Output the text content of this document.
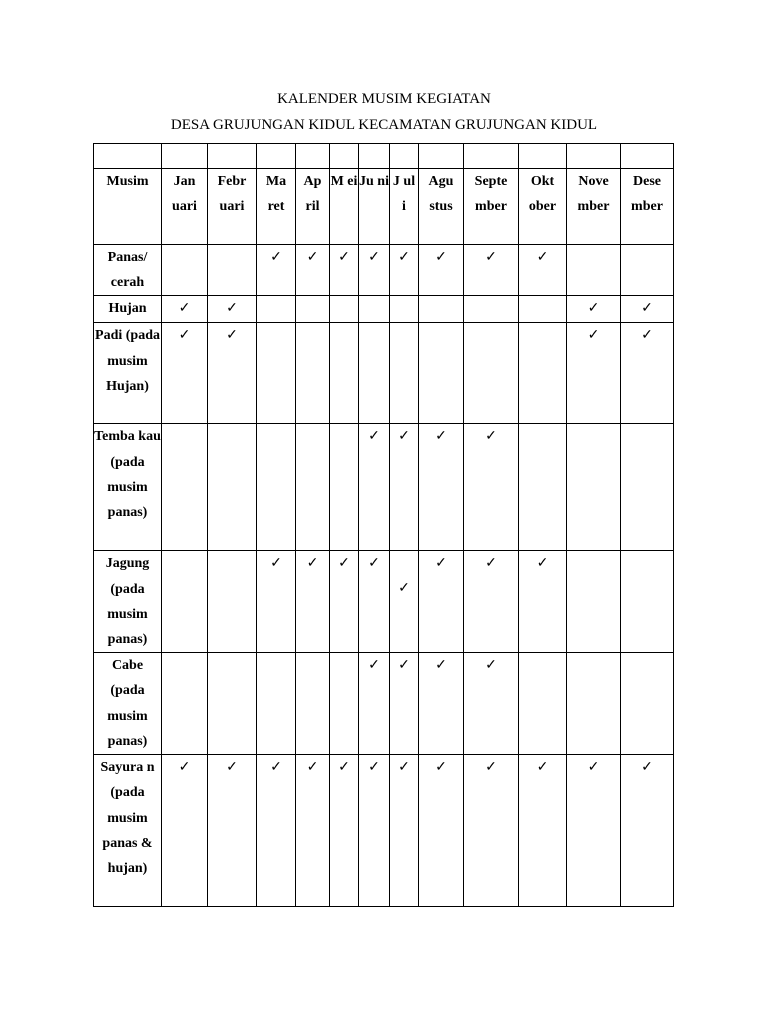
KALENDER MUSIM KEGIATAN
DESA GRUJUNGAN KIDUL KECAMATAN GRUJUNGAN KIDUL

Musim	Jan uari	Febr uari	Ma ret	Ap ril	M ei	Ju ni	J ul i	Agu stus	Septe mber	Okt ober	Nove mber	Dese mber
Panas/ cerah			✓	✓	✓	✓	✓	✓	✓	✓		

Hujan	✓	✓									✓	✓

Padi (pada musim Hujan)	✓	✓									✓	✓

Temba kau (pada musim panas)						✓	✓	✓	✓			

Jagung (pada musim panas)			✓	✓	✓	✓	✓	✓	✓	✓		

Cabe (pada musim panas)						✓	✓	✓	✓			

Sayura n (pada musim panas & hujan)	✓	✓	✓	✓	✓	✓	✓	✓	✓	✓	✓	✓
